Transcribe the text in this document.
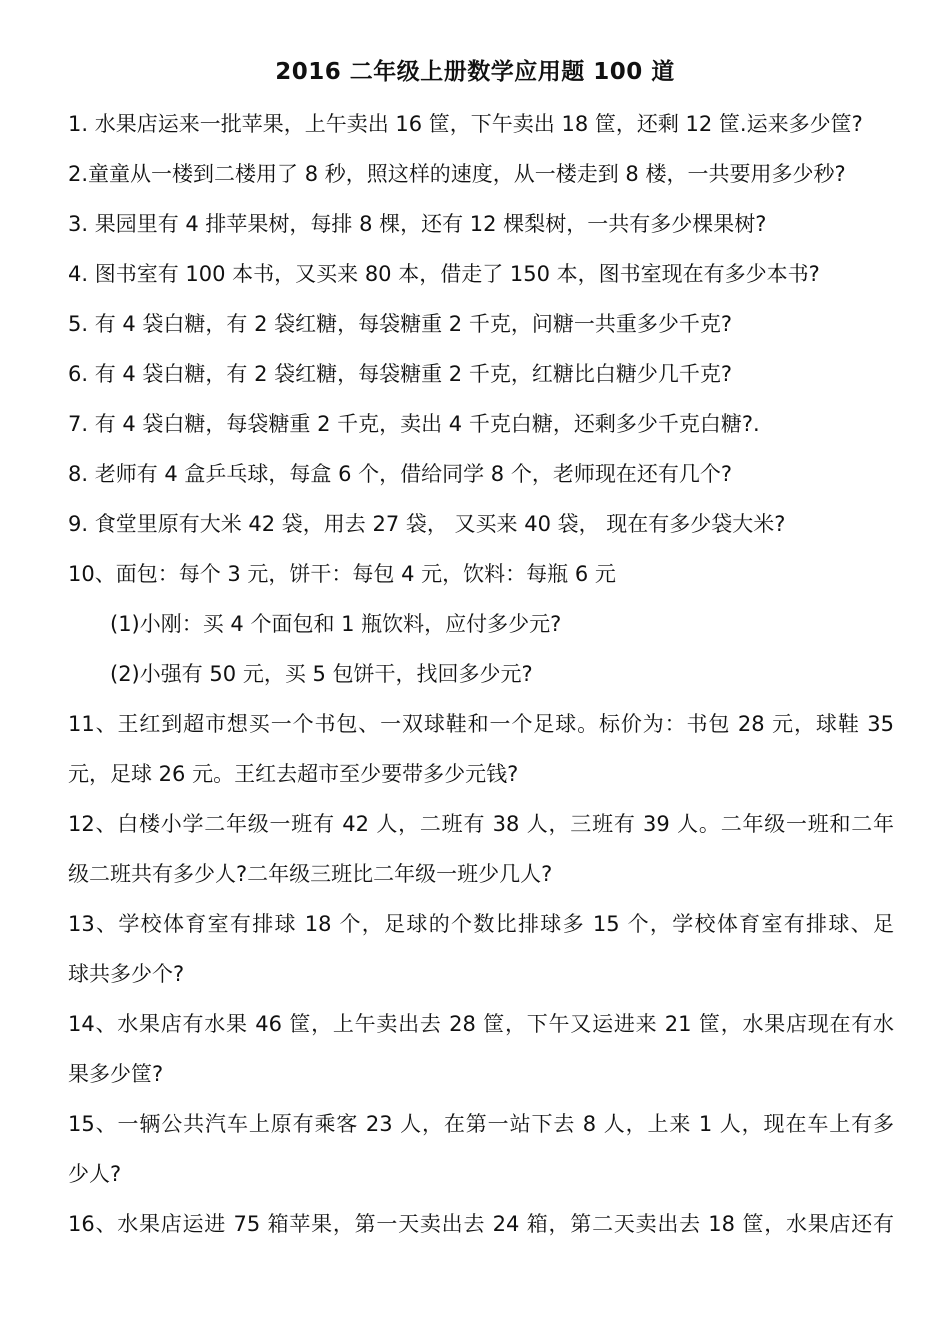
2016 二年级上册数学应用题 100 道
1. 水果店运来一批苹果，上午卖出 16 筐，下午卖出 18 筐，还剩 12 筐.运来多少筐?
2.童童从一楼到二楼用了 8 秒，照这样的速度，从一楼走到 8 楼，一共要用多少秒?
3. 果园里有 4 排苹果树，每排 8 棵，还有 12 棵梨树，一共有多少棵果树?
4. 图书室有 100 本书，又买来 80 本，借走了 150 本，图书室现在有多少本书?
5. 有 4 袋白糖，有 2 袋红糖，每袋糖重 2 千克，问糖一共重多少千克?
6. 有 4 袋白糖，有 2 袋红糖，每袋糖重 2 千克，红糖比白糖少几千克?
7. 有 4 袋白糖，每袋糖重 2 千克，卖出 4 千克白糖，还剩多少千克白糖?.
8. 老师有 4 盒乒乓球，每盒 6 个，借给同学 8 个，老师现在还有几个?
9. 食堂里原有大米 42 袋，用去 27 袋， 又买来 40 袋， 现在有多少袋大米?
10、面包：每个 3 元，饼干：每包 4 元，饮料：每瓶 6 元
(1)小刚：买 4 个面包和 1 瓶饮料，应付多少元?
(2)小强有 50 元，买 5 包饼干，找回多少元?
11、王红到超市想买一个书包、一双球鞋和一个足球。标价为：书包 28 元，球鞋 35
元，足球 26 元。王红去超市至少要带多少元钱?
12、白楼小学二年级一班有 42 人，二班有 38 人，三班有 39 人。二年级一班和二年
级二班共有多少人?二年级三班比二年级一班少几人?
13、学校体育室有排球 18 个，足球的个数比排球多 15 个，学校体育室有排球、足
球共多少个?
14、水果店有水果 46 筐，上午卖出去 28 筐，下午又运进来 21 筐，水果店现在有水
果多少筐?
15、一辆公共汽车上原有乘客 23 人，在第一站下去 8 人，上来 1 人，现在车上有多
少人?
16、水果店运进 75 箱苹果，第一天卖出去 24 箱，第二天卖出去 18 筐，水果店还有
